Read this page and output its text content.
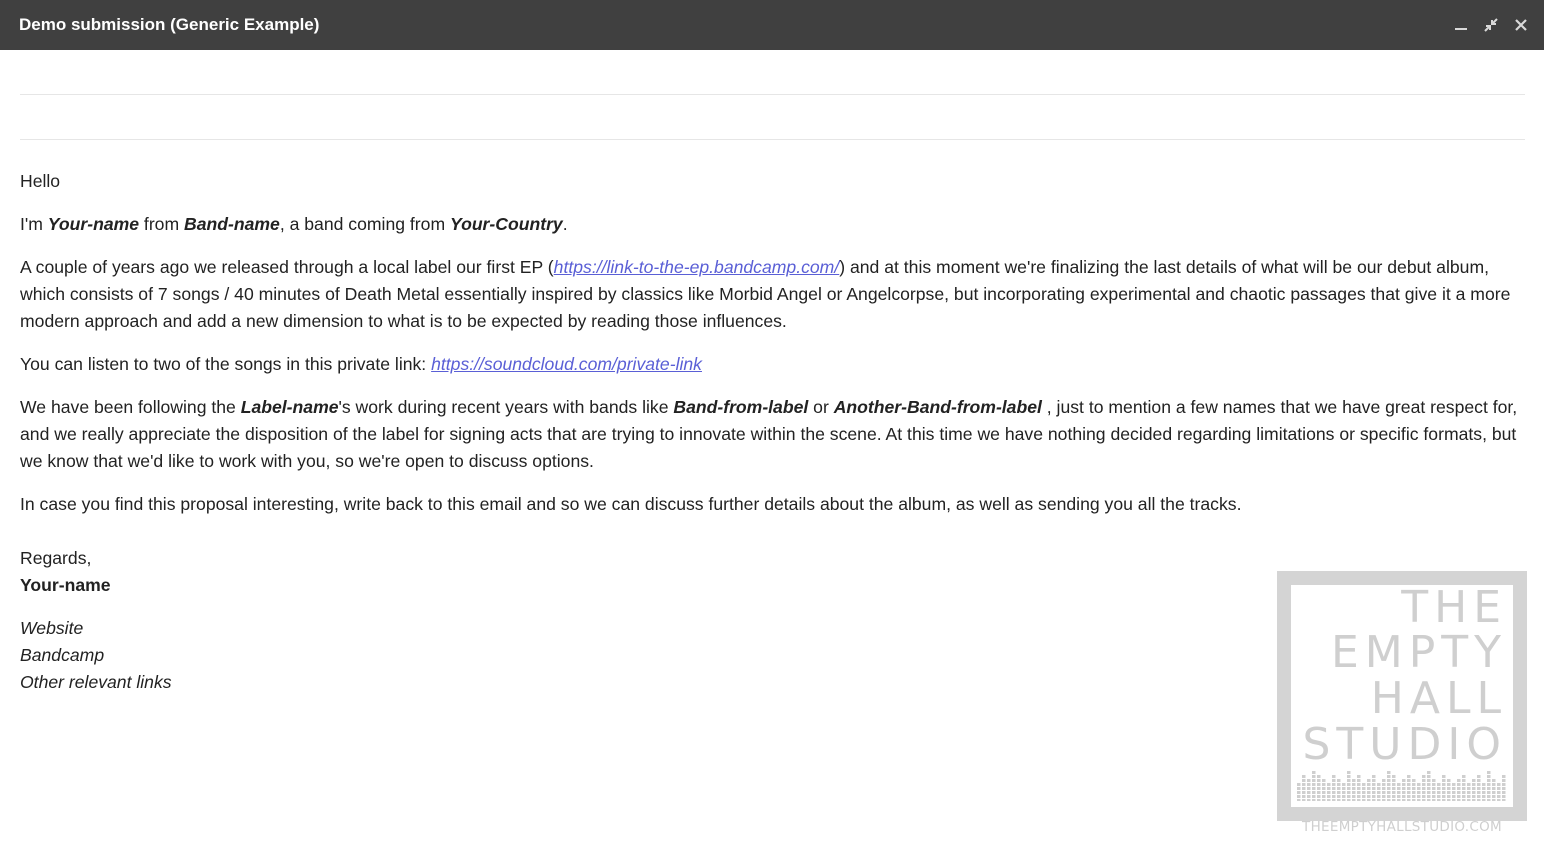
Demo submission (Generic Example)

Hello

I'm Your-name from Band-name, a band coming from Your-Country.

A couple of years ago we released through a local label our first EP (https://link-to-the-ep.bandcamp.com/) and at this moment we're finalizing the last details of what will be our debut album, which consists of 7 songs / 40 minutes of Death Metal essentially inspired by classics like Morbid Angel or Angelcorpse, but incorporating experimental and chaotic passages that give it a more modern approach and add a new dimension to what is to be expected by reading those influences.

You can listen to two of the songs in this private link: https://soundcloud.com/private-link

We have been following the Label-name's work during recent years with bands like Band-from-label or Another-Band-from-label , just to mention a few names that we have great respect for, and we really appreciate the disposition of the label for signing acts that are trying to innovate within the scene. At this time we have nothing decided regarding limitations or specific formats, but we know that we'd like to work with you, so we're open to discuss options.

In case you find this proposal interesting, write back to this email and so we can discuss further details about the album, as well as sending you all the tracks.

Regards,
Your-name
Website
Bandcamp
Other relevant links
THE
EMPTY
HALL
STUDIO
THEEMPTYHALLSTUDIO.COM
